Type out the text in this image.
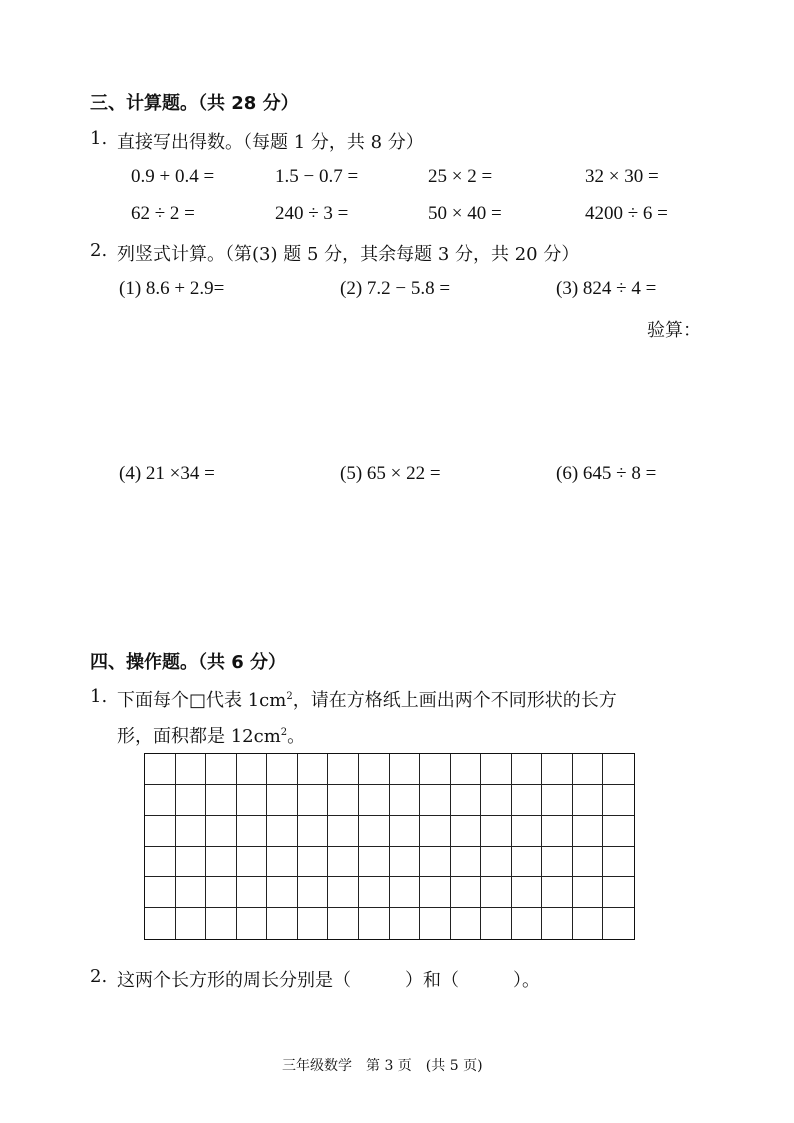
三、计算题。（共 28 分）
1. 直接写出得数。（每题 1 分，共 8 分）
0.9 + 0.4 =	1.5 − 0.7 =	25 × 2 =	32 × 30 =
62 ÷ 2 =	240 ÷ 3 =	50 × 40 =	4200 ÷ 6 =
2. 列竖式计算。（第(3) 题 5 分，其余每题 3 分，共 20 分）
(1) 8.6 + 2.9=	(2) 7.2 − 5.8 =	(3) 824 ÷ 4 =
验算：
(4) 21 ×34 =	(5) 65 × 22 =	(6) 645 ÷ 8 =
四、操作题。（共 6 分）
1. 下面每个□代表 $1cm^2$，请在方格纸上画出两个不同形状的长方
形，面积都是 $12cm^2$。
2. 这两个长方形的周长分别是（　　　）和（　　　）。
三年级数学　第 3 页　(共 5 页)
